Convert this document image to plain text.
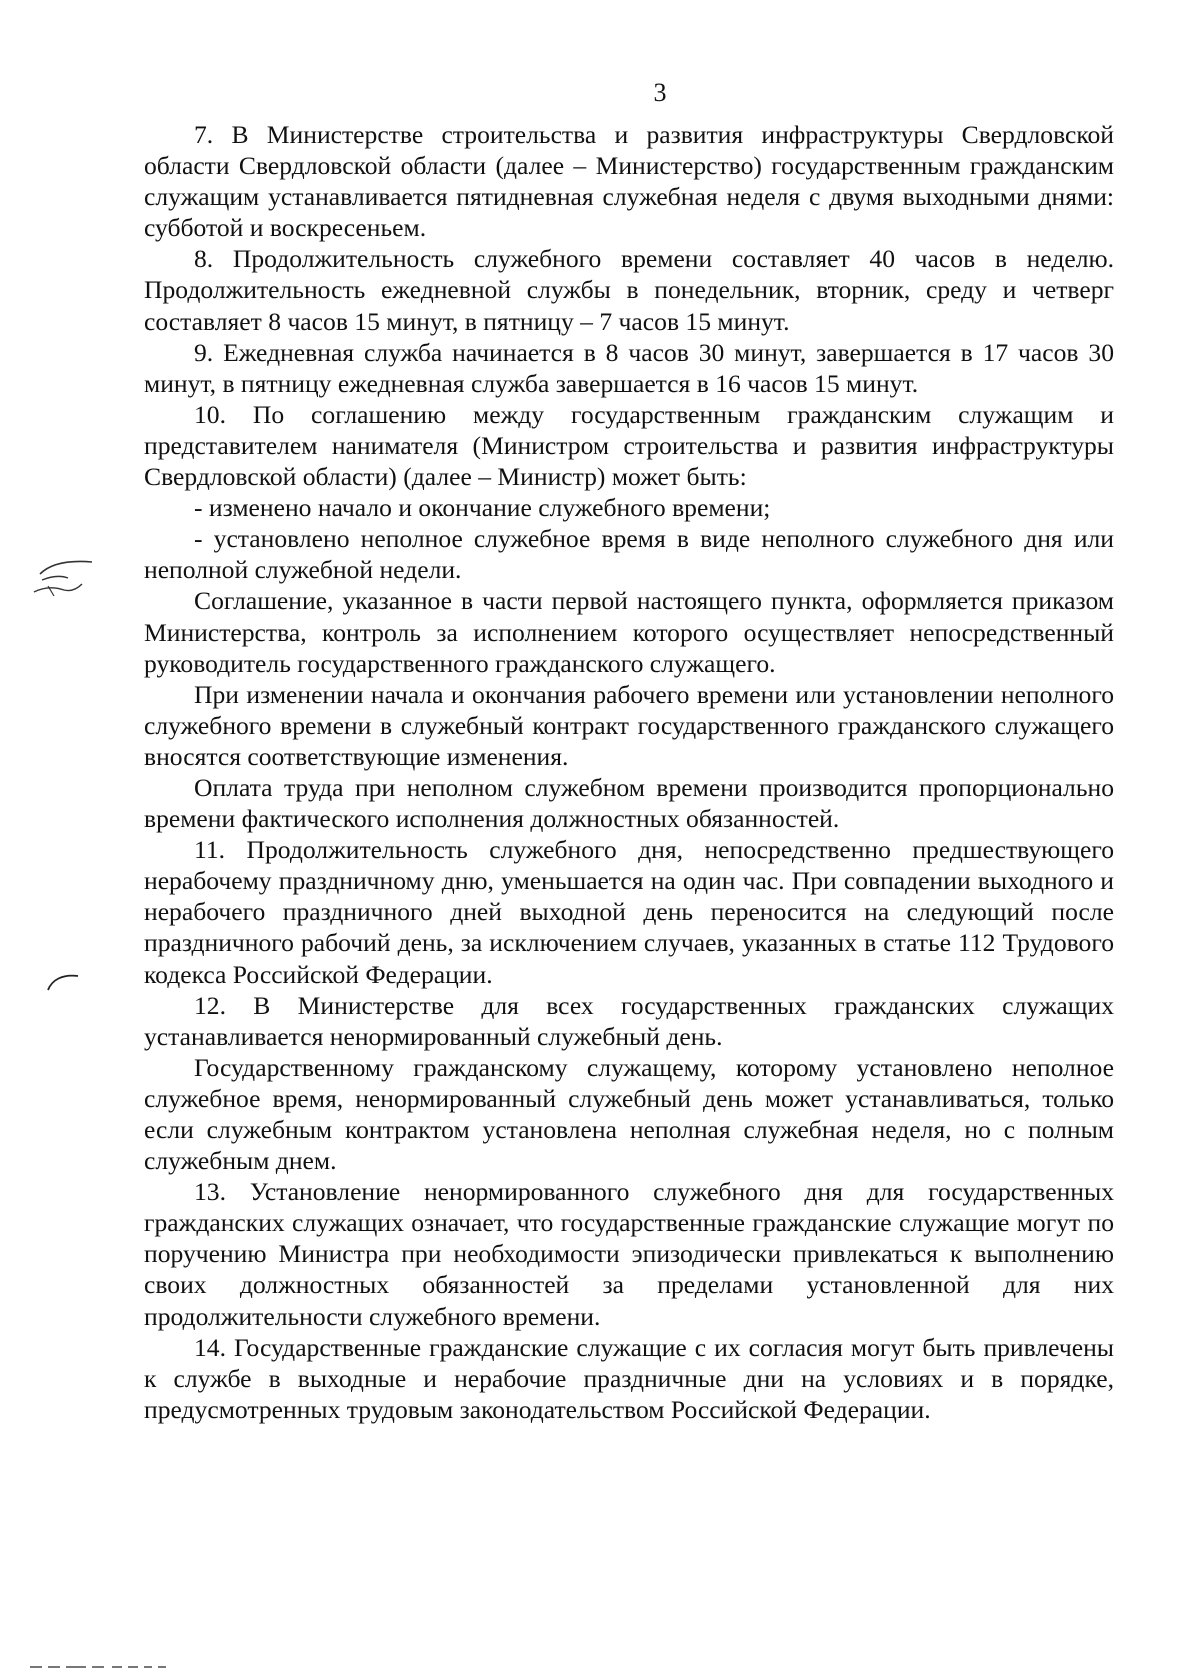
3

7. В Министерстве строительства и развития инфраструктуры Свердловской области Свердловской области (далее – Министерство) государственным гражданским служащим устанавливается пятидневная служебная неделя с двумя выходными днями: субботой и воскресеньем.

8. Продолжительность служебного времени составляет 40 часов в неделю. Продолжительность ежедневной службы в понедельник, вторник, среду и четверг составляет 8 часов 15 минут, в пятницу – 7 часов 15 минут.

9. Ежедневная служба начинается в 8 часов 30 минут, завершается в 17 часов 30 минут, в пятницу ежедневная служба завершается в 16 часов 15 минут.

10. По соглашению между государственным гражданским служащим и представителем нанимателя (Министром строительства и развития инфраструктуры Свердловской области) (далее – Министр) может быть:

- изменено начало и окончание служебного времени;

- установлено неполное служебное время в виде неполного служебного дня или неполной служебной недели.

Соглашение, указанное в части первой настоящего пункта, оформляется приказом Министерства, контроль за исполнением которого осуществляет непосредственный руководитель государственного гражданского служащего.

При изменении начала и окончания рабочего времени или установлении неполного служебного времени в служебный контракт государственного гражданского служащего вносятся соответствующие изменения.

Оплата труда при неполном служебном времени производится пропорционально времени фактического исполнения должностных обязанностей.

11. Продолжительность служебного дня, непосредственно предшествующего нерабочему праздничному дню, уменьшается на один час. При совпадении выходного и нерабочего праздничного дней выходной день переносится на следующий после праздничного рабочий день, за исключением случаев, указанных в статье 112 Трудового кодекса Российской Федерации.

12. В Министерстве для всех государственных гражданских служащих устанавливается ненормированный служебный день.

Государственному гражданскому служащему, которому установлено неполное служебное время, ненормированный служебный день может устанавливаться, только если служебным контрактом установлена неполная служебная неделя, но с полным служебным днем.

13. Установление ненормированного служебного дня для государственных гражданских служащих означает, что государственные гражданские служащие могут по поручению Министра при необходимости эпизодически привлекаться к выполнению своих должностных обязанностей за пределами установленной для них продолжительности служебного времени.

14. Государственные гражданские служащие с их согласия могут быть привлечены к службе в выходные и нерабочие праздничные дни на условиях и в порядке, предусмотренных трудовым законодательством Российской Федерации.
